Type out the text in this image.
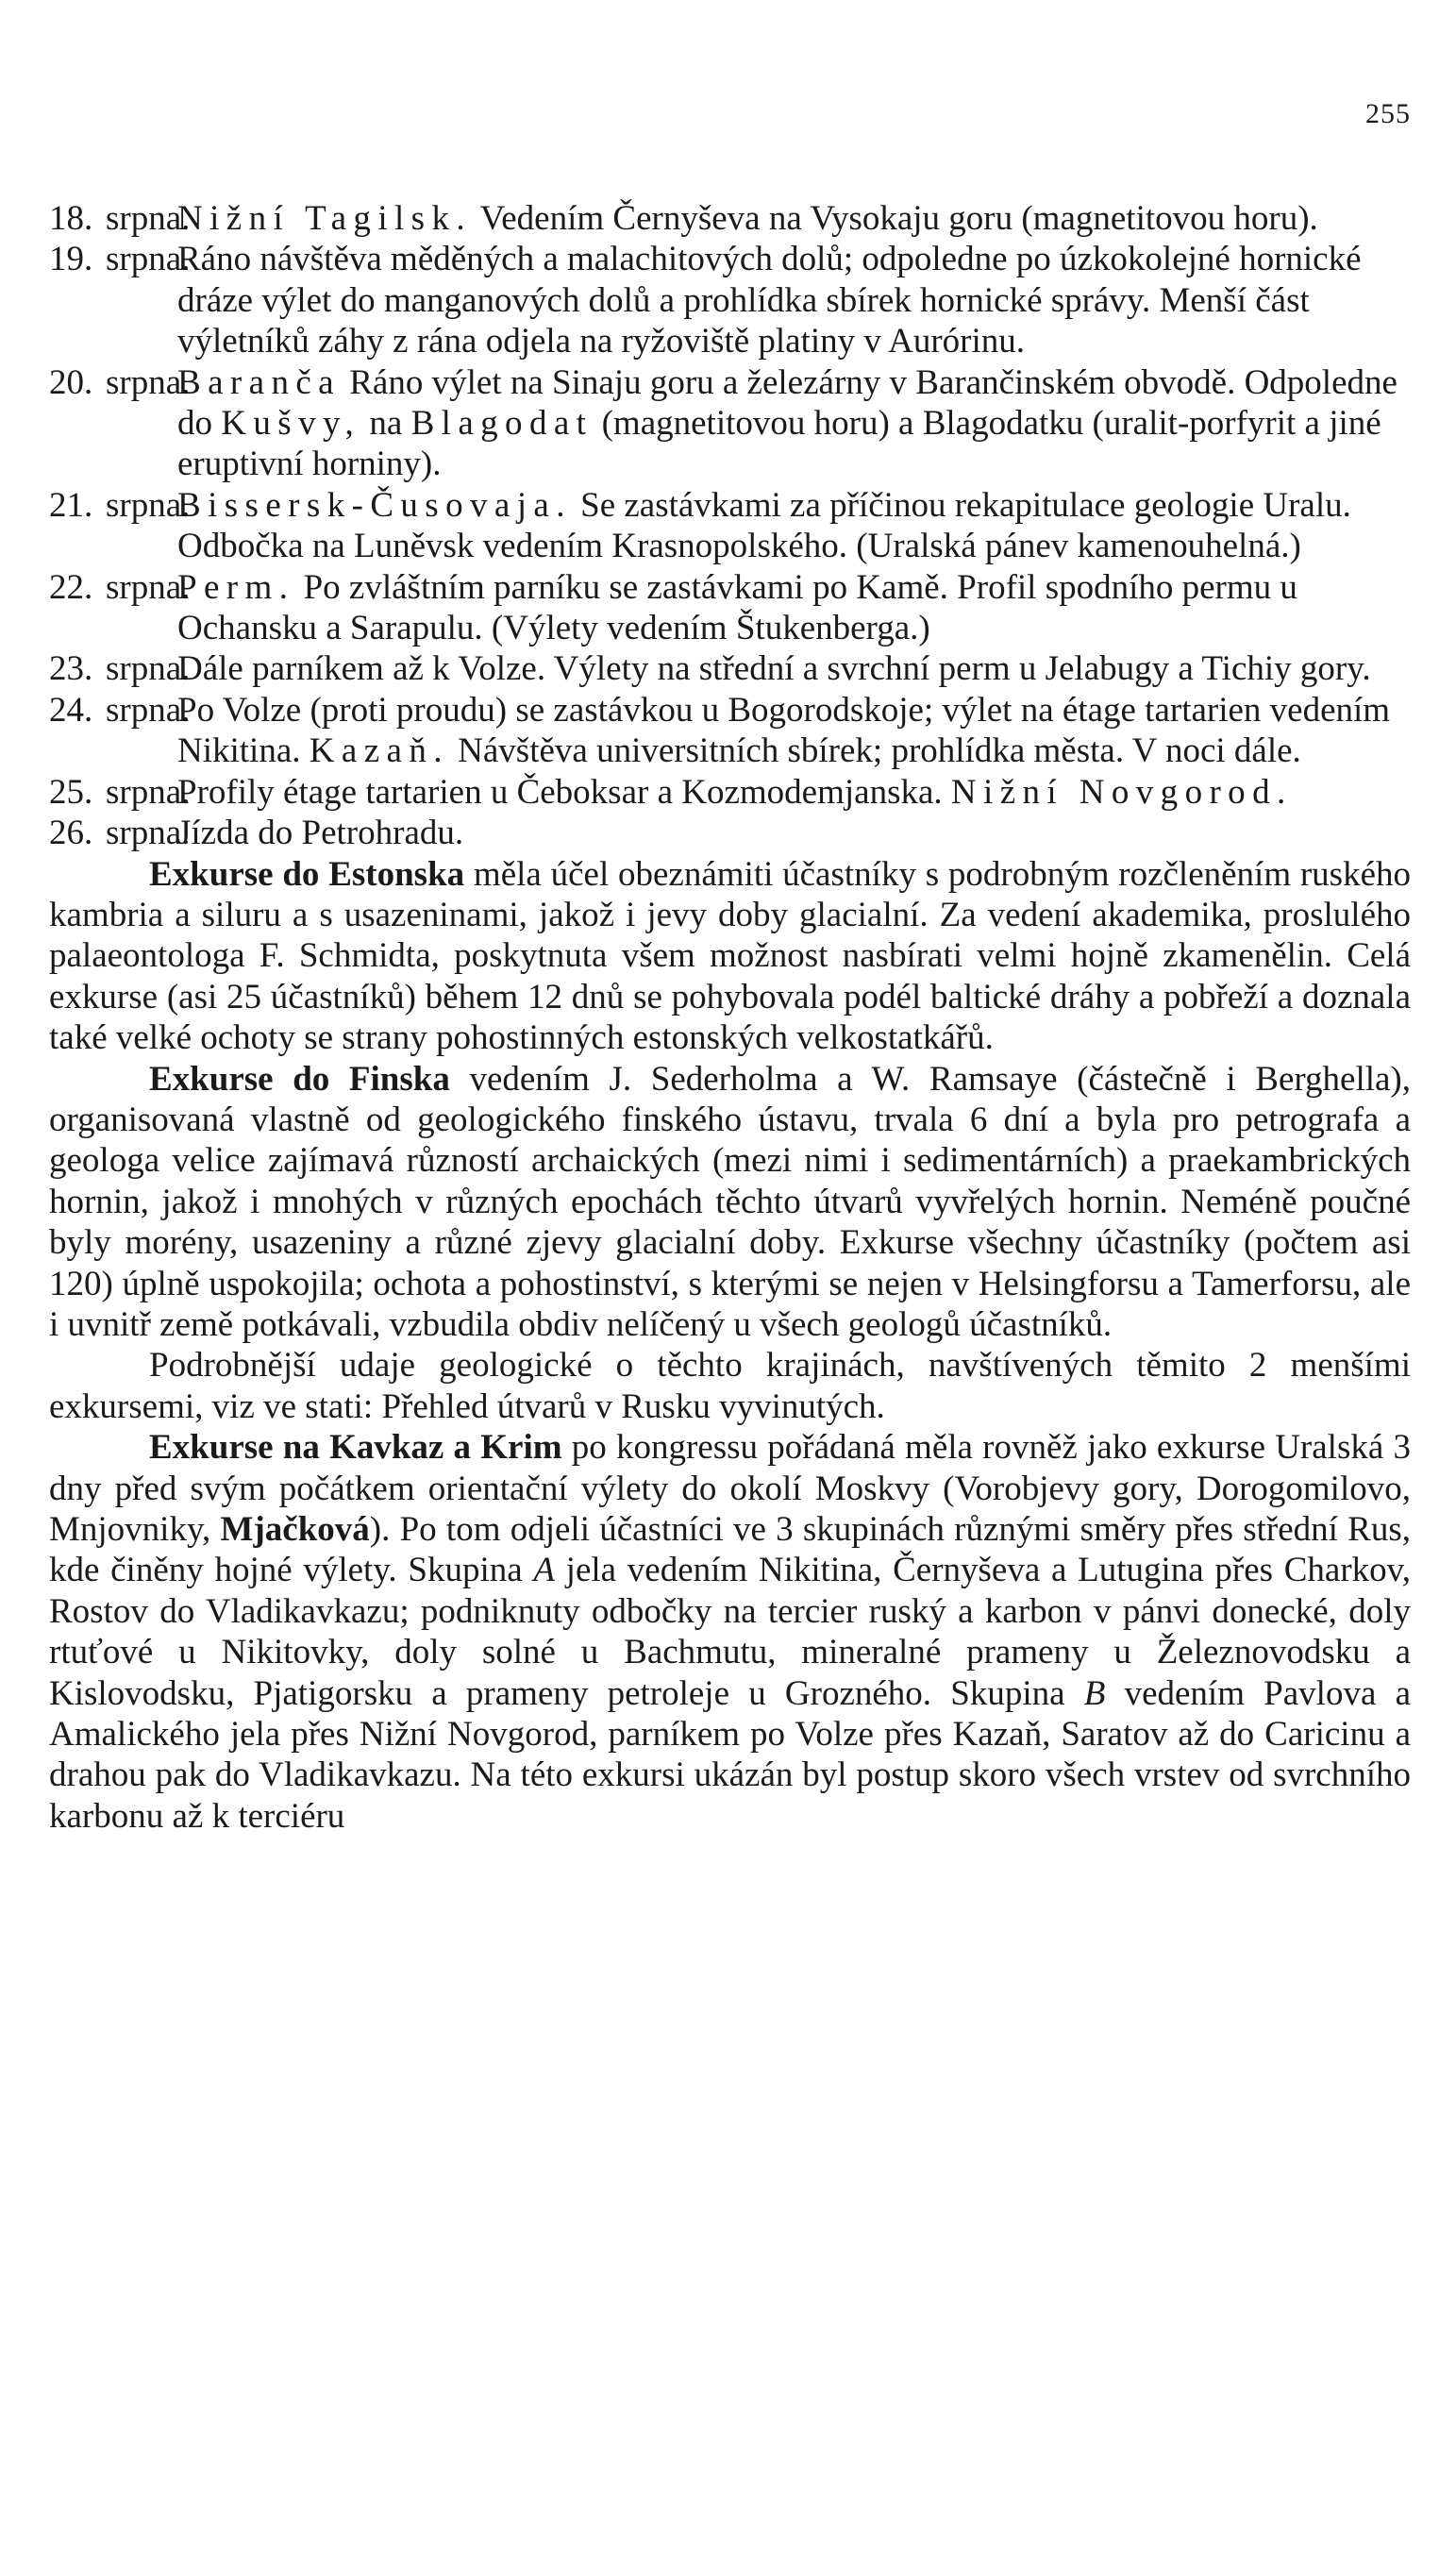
255
18. srpna.
Nižní Tagilsk. Vedením Černyševa na Vysokaju goru (magnetitovou horu).
19. srpna.
Ráno návštěva měděných a malachitových dolů; odpoledne po úzkokolejné hornické dráze výlet do manganových dolů a prohlídka sbírek hornické správy. Menší část výletníků záhy z rána odjela na ryžoviště platiny v Aurórinu.
20. srpna.
Baranča Ráno výlet na Sinaju goru a železárny v Barančinském obvodě. Odpoledne do Kušvy, na Blagodat (magnetitovou horu) a Blagodatku (uralit-porfyrit a jiné eruptivní horniny).
21. srpna.
Bissersk-Čusovaja. Se zastávkami za příčinou rekapitulace geologie Uralu. Odbočka na Luněvsk vedením Krasnopolského. (Uralská pánev kamenouhelná.)
22. srpna.
Perm. Po zvláštním parníku se zastávkami po Kamě. Profil spodního permu u Ochansku a Sarapulu. (Výlety vedením Štukenberga.)
23. srpna.
Dále parníkem až k Volze. Výlety na střední a svrchní perm u Jelabugy a Tichiy gory.
24. srpna.
Po Volze (proti proudu) se zastávkou u Bogorodskoje; výlet na étage tartarien vedením Nikitina. Kazaň. Návštěva universitních sbírek; prohlídka města. V noci dále.
25. srpna.
Profily étage tartarien u Čeboksar a Kozmodemjanska. Nižní Novgorod.
26. srpna.
Jízda do Petrohradu.

Exkurse do Estonska měla účel obeznámiti účastníky s podrobným rozčleněním ruského kambria a siluru a s usazeninami, jakož i jevy doby glacialní. Za vedení akademika, proslulého palaeontologa F. Schmidta, poskytnuta všem možnost nasbírati velmi hojně zkamenělin. Celá exkurse (asi 25 účastníků) během 12 dnů se pohybovala podél baltické dráhy a pobřeží a doznala také velké ochoty se strany pohostinných estonských velkostatkářů.

Exkurse do Finska vedením J. Sederholma a W. Ramsaye (částečně i Berghella), organisovaná vlastně od geologického finského ústavu, trvala 6 dní a byla pro petrografa a geologa velice zajímavá růzností archaických (mezi nimi i sedimentárních) a praekambrických hornin, jakož i mnohých v různých epochách těchto útvarů vyvřelých hornin. Neméně poučné byly morény, usazeniny a různé zjevy glacialní doby. Exkurse všechny účastníky (počtem asi 120) úplně uspokojila; ochota a pohostinství, s kterými se nejen v Helsingforsu a Tamerforsu, ale i uvnitř země potkávali, vzbudila obdiv nelíčený u všech geologů účastníků.

Podrobnější udaje geologické o těchto krajinách, navštívených těmito 2 menšími exkursemi, viz ve stati: Přehled útvarů v Rusku vyvinutých.

Exkurse na Kavkaz a Krim po kongressu pořádaná měla rovněž jako exkurse Uralská 3 dny před svým počátkem orientační výlety do okolí Moskvy (Vorobjevy gory, Dorogomilovo, Mnjovniky, Mjačková). Po tom odjeli účastníci ve 3 skupinách různými směry přes střední Rus, kde činěny hojné výlety. Skupina A jela vedením Nikitina, Černyševa a Lutugina přes Charkov, Rostov do Vladikavkazu; podniknuty odbočky na tercier ruský a karbon v pánvi donecké, doly rtuťové u Nikitovky, doly solné u Bachmutu, mineralné prameny u Železnovodsku a Kislovodsku, Pjatigorsku a prameny petroleje u Grozného. Skupina B vedením Pavlova a Amalického jela přes Nižní Novgorod, parníkem po Volze přes Kazaň, Saratov až do Caricinu a drahou pak do Vladikavkazu. Na této exkursi ukázán byl postup skoro všech vrstev od svrchního karbonu až k terciéru
